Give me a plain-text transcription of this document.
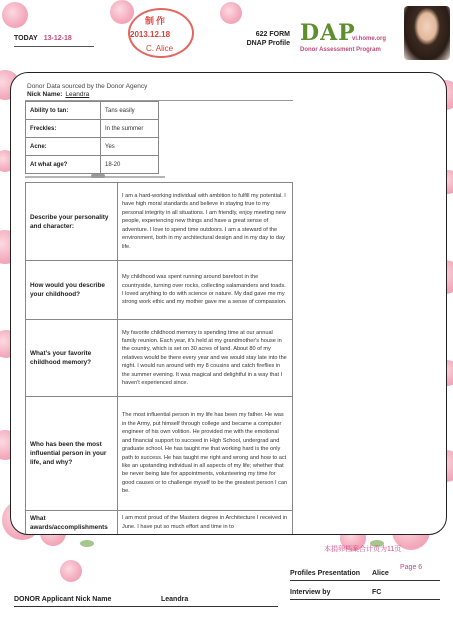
TODAY 13-12-18
制作
2013.12.18
C. Alice
622 FORM
DNAP Profile DAP
vi.home.org
Donor Assessment Program
Donor Data sourced by the Donor Agency
Nick Name: Leandra
Ability to tan:	Tans easily
Freckles:	In the summer
Acne:	Yes
At what age?	18-20
Describe your personality and character:	I am a hard-working individual with ambition to fulfill my potential. I have high moral standards and believe in staying true to my personal integrity in all situations. I am friendly, enjoy meeting new people, experiencing new things and have a great sense of adventure. I love to spend time outdoors. I am a steward of the environment, both in my architectural design and in my day to day life.
How would you describe your childhood?	My childhood was spent running around barefoot in the countryside, turning over rocks, collecting salamanders and toads. I loved anything to do with science or nature. My dad gave me my strong work ethic and my mother gave me a sense of compassion.
What’s your favorite childhood memory?	My favorite childhood memory is spending time at our annual family reunion. Each year, it's held at my grandmother's house in the country, which is set on 30 acres of land. About 80 of my relatives would be there every year and we would stay late into the night. I would run around with my 8 cousins and catch fireflies in the summer evening. It was magical and delightful in a way that I haven't experienced since.
Who has been the most influential person in your life, and why?	The most influential person in my life has been my father. He was in the Army, put himself through college and became a computer engineer of his own volition. He provided me with the emotional and financial support to succeed in High School, undergrad and graduate school. He has taught me that working hard is the only path to success. He has taught me right and wrong and how to act like an upstanding individual in all aspects of my life; whether that be never being late for appointments, volunteering my time for good causes or to challenge myself to be the greatest person I can be.
What awards/accomplishments	I am most proud of the Masters degree in Architecture I received in June. I have put so much effort and time in to
本捐卵档案合计页为11页
Page 6
Profiles Presentation Alice
Interview by	FC
DONOR Applicant Nick Name	Leandra
